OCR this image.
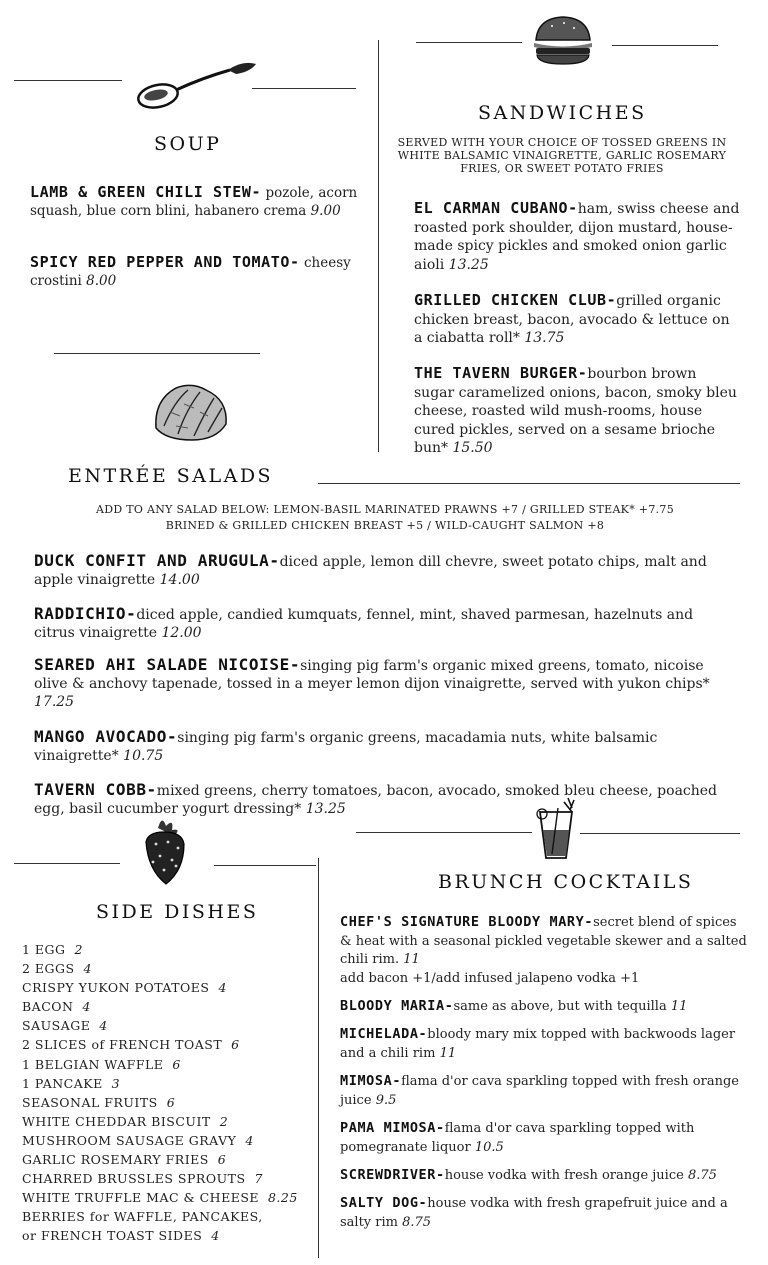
SOUP
LAMB & GREEN CHILI STEW- pozole, acorn squash, blue corn blini, habanero crema 9.00
SPICY RED PEPPER AND TOMATO- cheesy crostini 8.00
SANDWICHES
SERVED WITH YOUR CHOICE OF TOSSED GREENS IN WHITE BALSAMIC VINAIGRETTE, GARLIC ROSEMARY FRIES, OR SWEET POTATO FRIES
EL CARMAN CUBANO-ham, swiss cheese and roasted pork shoulder, dijon mustard, house-made spicy pickles and smoked onion garlic aioli 13.25
GRILLED CHICKEN CLUB-grilled organic chicken breast, bacon, avocado & lettuce on a ciabatta roll* 13.75
THE TAVERN BURGER-bourbon brown sugar caramelized onions, bacon, smoky bleu cheese, roasted wild mush-rooms, house cured pickles, served on a sesame brioche bun* 15.50
ENTRÉE SALADS
ADD TO ANY SALAD BELOW: LEMON-BASIL MARINATED PRAWNS +7 / GRILLED STEAK* +7.75
BRINED & GRILLED CHICKEN BREAST +5 / WILD-CAUGHT SALMON +8
DUCK CONFIT AND ARUGULA-diced apple, lemon dill chevre, sweet potato chips, malt and apple vinaigrette 14.00
RADDICHIO-diced apple, candied kumquats, fennel, mint, shaved parmesan, hazelnuts and citrus vinaigrette 12.00
SEARED AHI SALADE NICOISE-singing pig farm's organic mixed greens, tomato, nicoise olive & anchovy tapenade, tossed in a meyer lemon dijon vinaigrette, served with yukon chips* 17.25
MANGO AVOCADO-singing pig farm's organic greens, macadamia nuts, white balsamic vinaigrette* 10.75
TAVERN COBB-mixed greens, cherry tomatoes, bacon, avocado, smoked bleu cheese, poached egg, basil cucumber yogurt dressing* 13.25
SIDE DISHES
1 EGG 2
2 EGGS 4
CRISPY YUKON POTATOES 4
BACON 4
SAUSAGE 4
2 SLICES of FRENCH TOAST 6
1 BELGIAN WAFFLE 6
1 PANCAKE 3
SEASONAL FRUITS 6
WHITE CHEDDAR BISCUIT 2
MUSHROOM SAUSAGE GRAVY 4
GARLIC ROSEMARY FRIES 6
CHARRED BRUSSLES SPROUTS 7
WHITE TRUFFLE MAC & CHEESE 8.25
BERRIES for WAFFLE, PANCAKES,
or FRENCH TOAST SIDES 4
BRUNCH COCKTAILS
CHEF'S SIGNATURE BLOODY MARY-secret blend of spices & heat with a seasonal pickled vegetable skewer and a salted chili rim. 11
add bacon +1/add infused jalapeno vodka +1
BLOODY MARIA-same as above, but with tequilla 11
MICHELADA-bloody mary mix topped with backwoods lager and a chili rim 11
MIMOSA-flama d'or cava sparkling topped with fresh orange juice 9.5
PAMA MIMOSA-flama d'or cava sparkling topped with pomegranate liquor 10.5
SCREWDRIVER-house vodka with fresh orange juice 8.75
SALTY DOG-house vodka with fresh grapefruit juice and a salty rim 8.75
